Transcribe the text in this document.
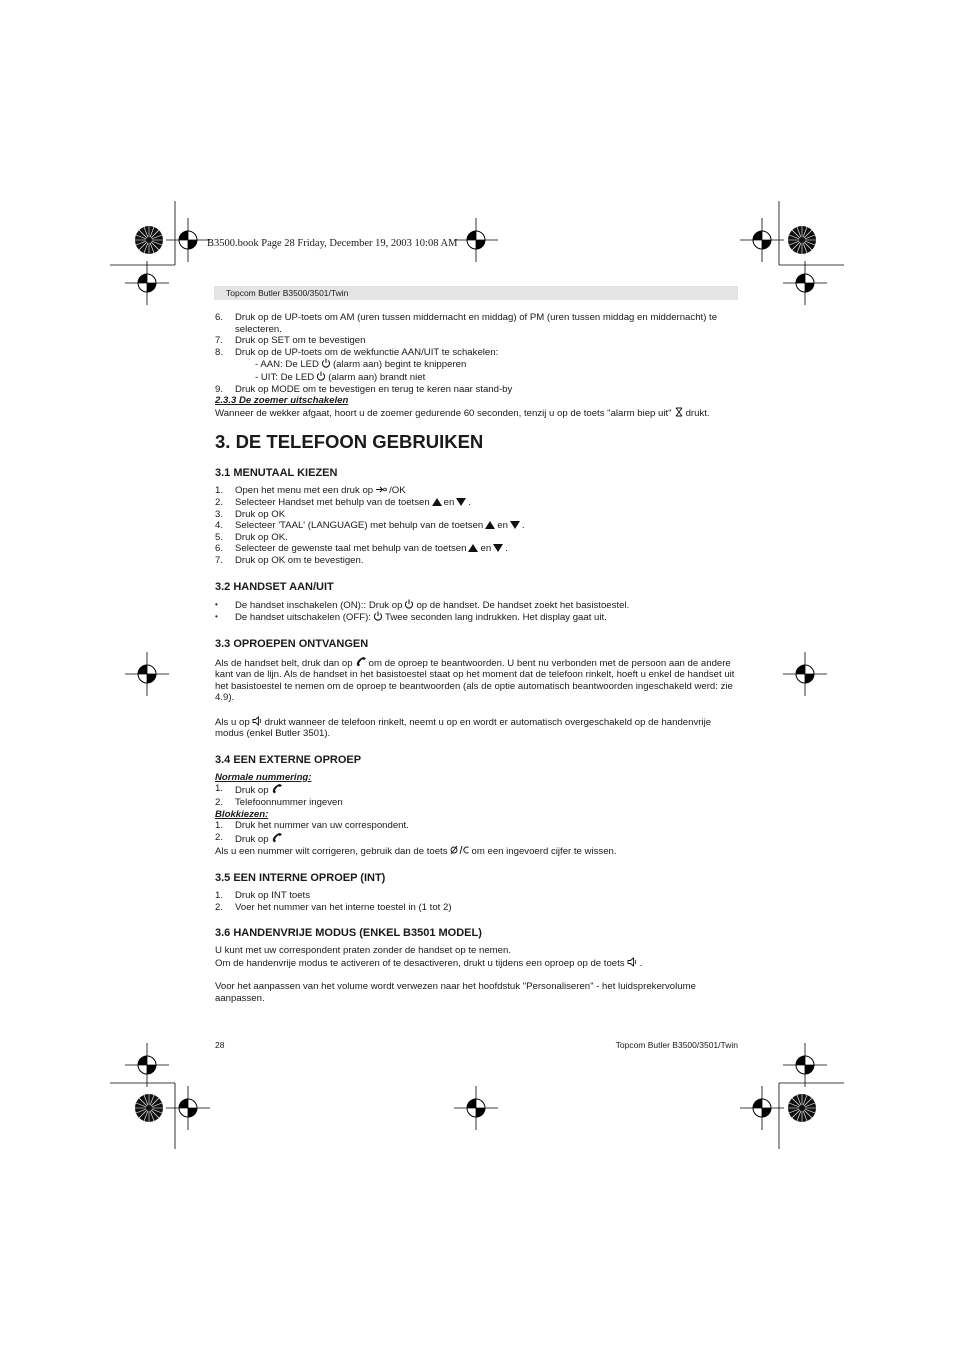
B3500.book Page 28 Friday, December 19, 2003 10:08 AM
Topcom Butler B3500/3501/Twin
6.	Druk op de UP-toets om AM (uren tussen middernacht en middag) of PM (uren tussen middag en middernacht) te selecteren.
7.	Druk op SET om te bevestigen
8.	Druk op de UP-toets om de wekfunctie AAN/UIT te schakelen:
- AAN: De LED (alarm aan) begint te knipperen
- UIT: De LED (alarm aan) brandt niet
9.	Druk op MODE om te bevestigen en terug te keren naar stand-by

2.3.3 De zoemer uitschakelen

Wanneer de wekker afgaat, hoort u de zoemer gedurende 60 seconden, tenzij u op de toets "alarm biep uit" drukt.

3. DE TELEFOON GEBRUIKEN
3.1 MENUTAAL KIEZEN
1.	Open het menu met een druk op /OK
2.	Selecteer Handset met behulp van de toetsen en .
3.	Druk op OK
4.	Selecteer 'TAAL' (LANGUAGE) met behulp van de toetsen en .
5.	Druk op OK.
6.	Selecteer de gewenste taal met behulp van de toetsen en .
7.	Druk op OK om te bevestigen.
3.2 HANDSET AAN/UIT
•	De handset inschakelen (ON):: Druk op op de handset. De handset zoekt het basistoestel.
•	De handset uitschakelen (OFF): Twee seconden lang indrukken. Het display gaat uit.
3.3 OPROEPEN ONTVANGEN

Als de handset belt, druk dan op om de oproep te beantwoorden. U bent nu verbonden met de persoon aan de andere kant van de lijn. Als de handset in het basistoestel staat op het moment dat de telefoon rinkelt, hoeft u enkel de handset uit het basistoestel te nemen om de oproep te beantwoorden (als de optie automatisch beantwoorden ingeschakeld werd: zie 4.9).

Als u op drukt wanneer de telefoon rinkelt, neemt u op en wordt er automatisch overgeschakeld op de handenvrije modus (enkel Butler 3501).

3.4 EEN EXTERNE OPROEP

Normale nummering:

1.	Druk op
2.	Telefoonnummer ingeven

Blokkiezen:

1.	Druk het nummer van uw correspondent.
2.	Druk op

Als u een nummer wilt corrigeren, gebruik dan de toets	om een ingevoerd cijfer te wissen.

3.5 EEN INTERNE OPROEP (INT)
1.	Druk op INT toets
2.	Voer het nummer van het interne toestel in (1 tot 2)
3.6 HANDENVRIJE MODUS (ENKEL B3501 MODEL)

U kunt met uw correspondent praten zonder de handset op te nemen.

Om de handenvrije modus te activeren of te desactiveren, drukt u tijdens een oproep op de toets .

Voor het aanpassen van het volume wordt verwezen naar het hoofdstuk "Personaliseren" - het luidsprekervolume aanpassen.

28	Topcom Butler B3500/3501/Twin
